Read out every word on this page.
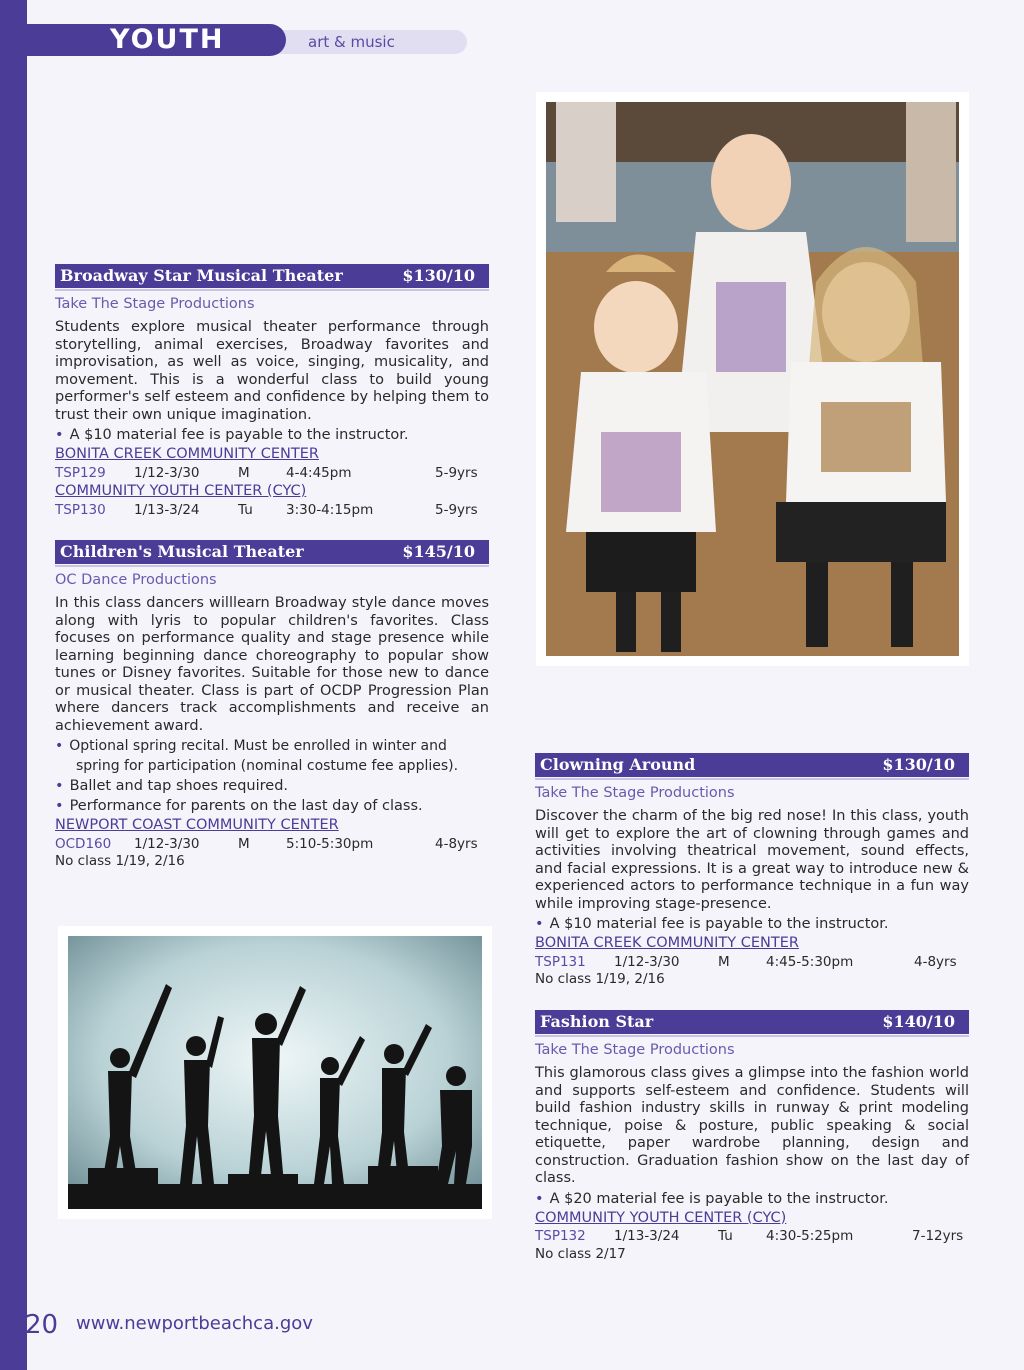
YOUTH	art & music
Broadway Star Musical Theater	$130/10
Take The Stage Productions
Students explore musical theater performance through storytelling, animal exercises, Broadway favorites and improvisation, as well as voice, singing, musicality, and movement. This is a wonderful class to build young performer's self esteem and confidence by helping them to trust their own unique imagination.
• A $10 material fee is payable to the instructor.
BONITA CREEK COMMUNITY CENTER
TSP129 1/12-3/30	M	4-4:45pm	5-9yrs
COMMUNITY YOUTH CENTER (CYC)
TSP130 1/13-3/24	Tu 3:30-4:15pm	5-9yrs
Children's Musical Theater	$145/10
OC Dance Productions
In this class dancers willlearn Broadway style dance moves along with lyris to popular children's favorites. Class focuses on performance quality and stage presence while learning beginning dance choreography to popular show tunes or Disney favorites. Suitable for those new to dance or musical theater. Class is part of OCDP Progression Plan where dancers track accomplishments and receive an achievement award.
• Optional spring recital. Must be enrolled in winter and
spring for participation (nominal costume fee applies).
• Ballet and tap shoes required.
• Performance for parents on the last day of class.
NEWPORT COAST COMMUNITY CENTER
OCD160 1/12-3/30	M	5:10-5:30pm	4-8yrs
No class 1/19, 2/16
Clowning Around	$130/10
Take The Stage Productions
Discover the charm of the big red nose! In this class, youth will get to explore the art of clowning through games and activities involving theatrical movement, sound effects, and facial expressions. It is a great way to introduce new & experienced actors to performance technique in a fun way while improving stage-presence.
• A $10 material fee is payable to the instructor.
BONITA CREEK COMMUNITY CENTER
TSP131 1/12-3/30	M	4:45-5:30pm	4-8yrs
No class 1/19, 2/16
Fashion Star	$140/10
Take The Stage Productions
This glamorous class gives a glimpse into the fashion world and supports self-esteem and confidence. Students will build fashion industry skills in runway & print modeling technique, poise & posture, public speaking & social etiquette, paper wardrobe planning, design and construction. Graduation fashion show on the last day of class.
• A $20 material fee is payable to the instructor.
COMMUNITY YOUTH CENTER (CYC)
TSP132 1/13-3/24	Tu 4:30-5:25pm	7-12yrs
No class 2/17
20 www.newportbeachca.gov
